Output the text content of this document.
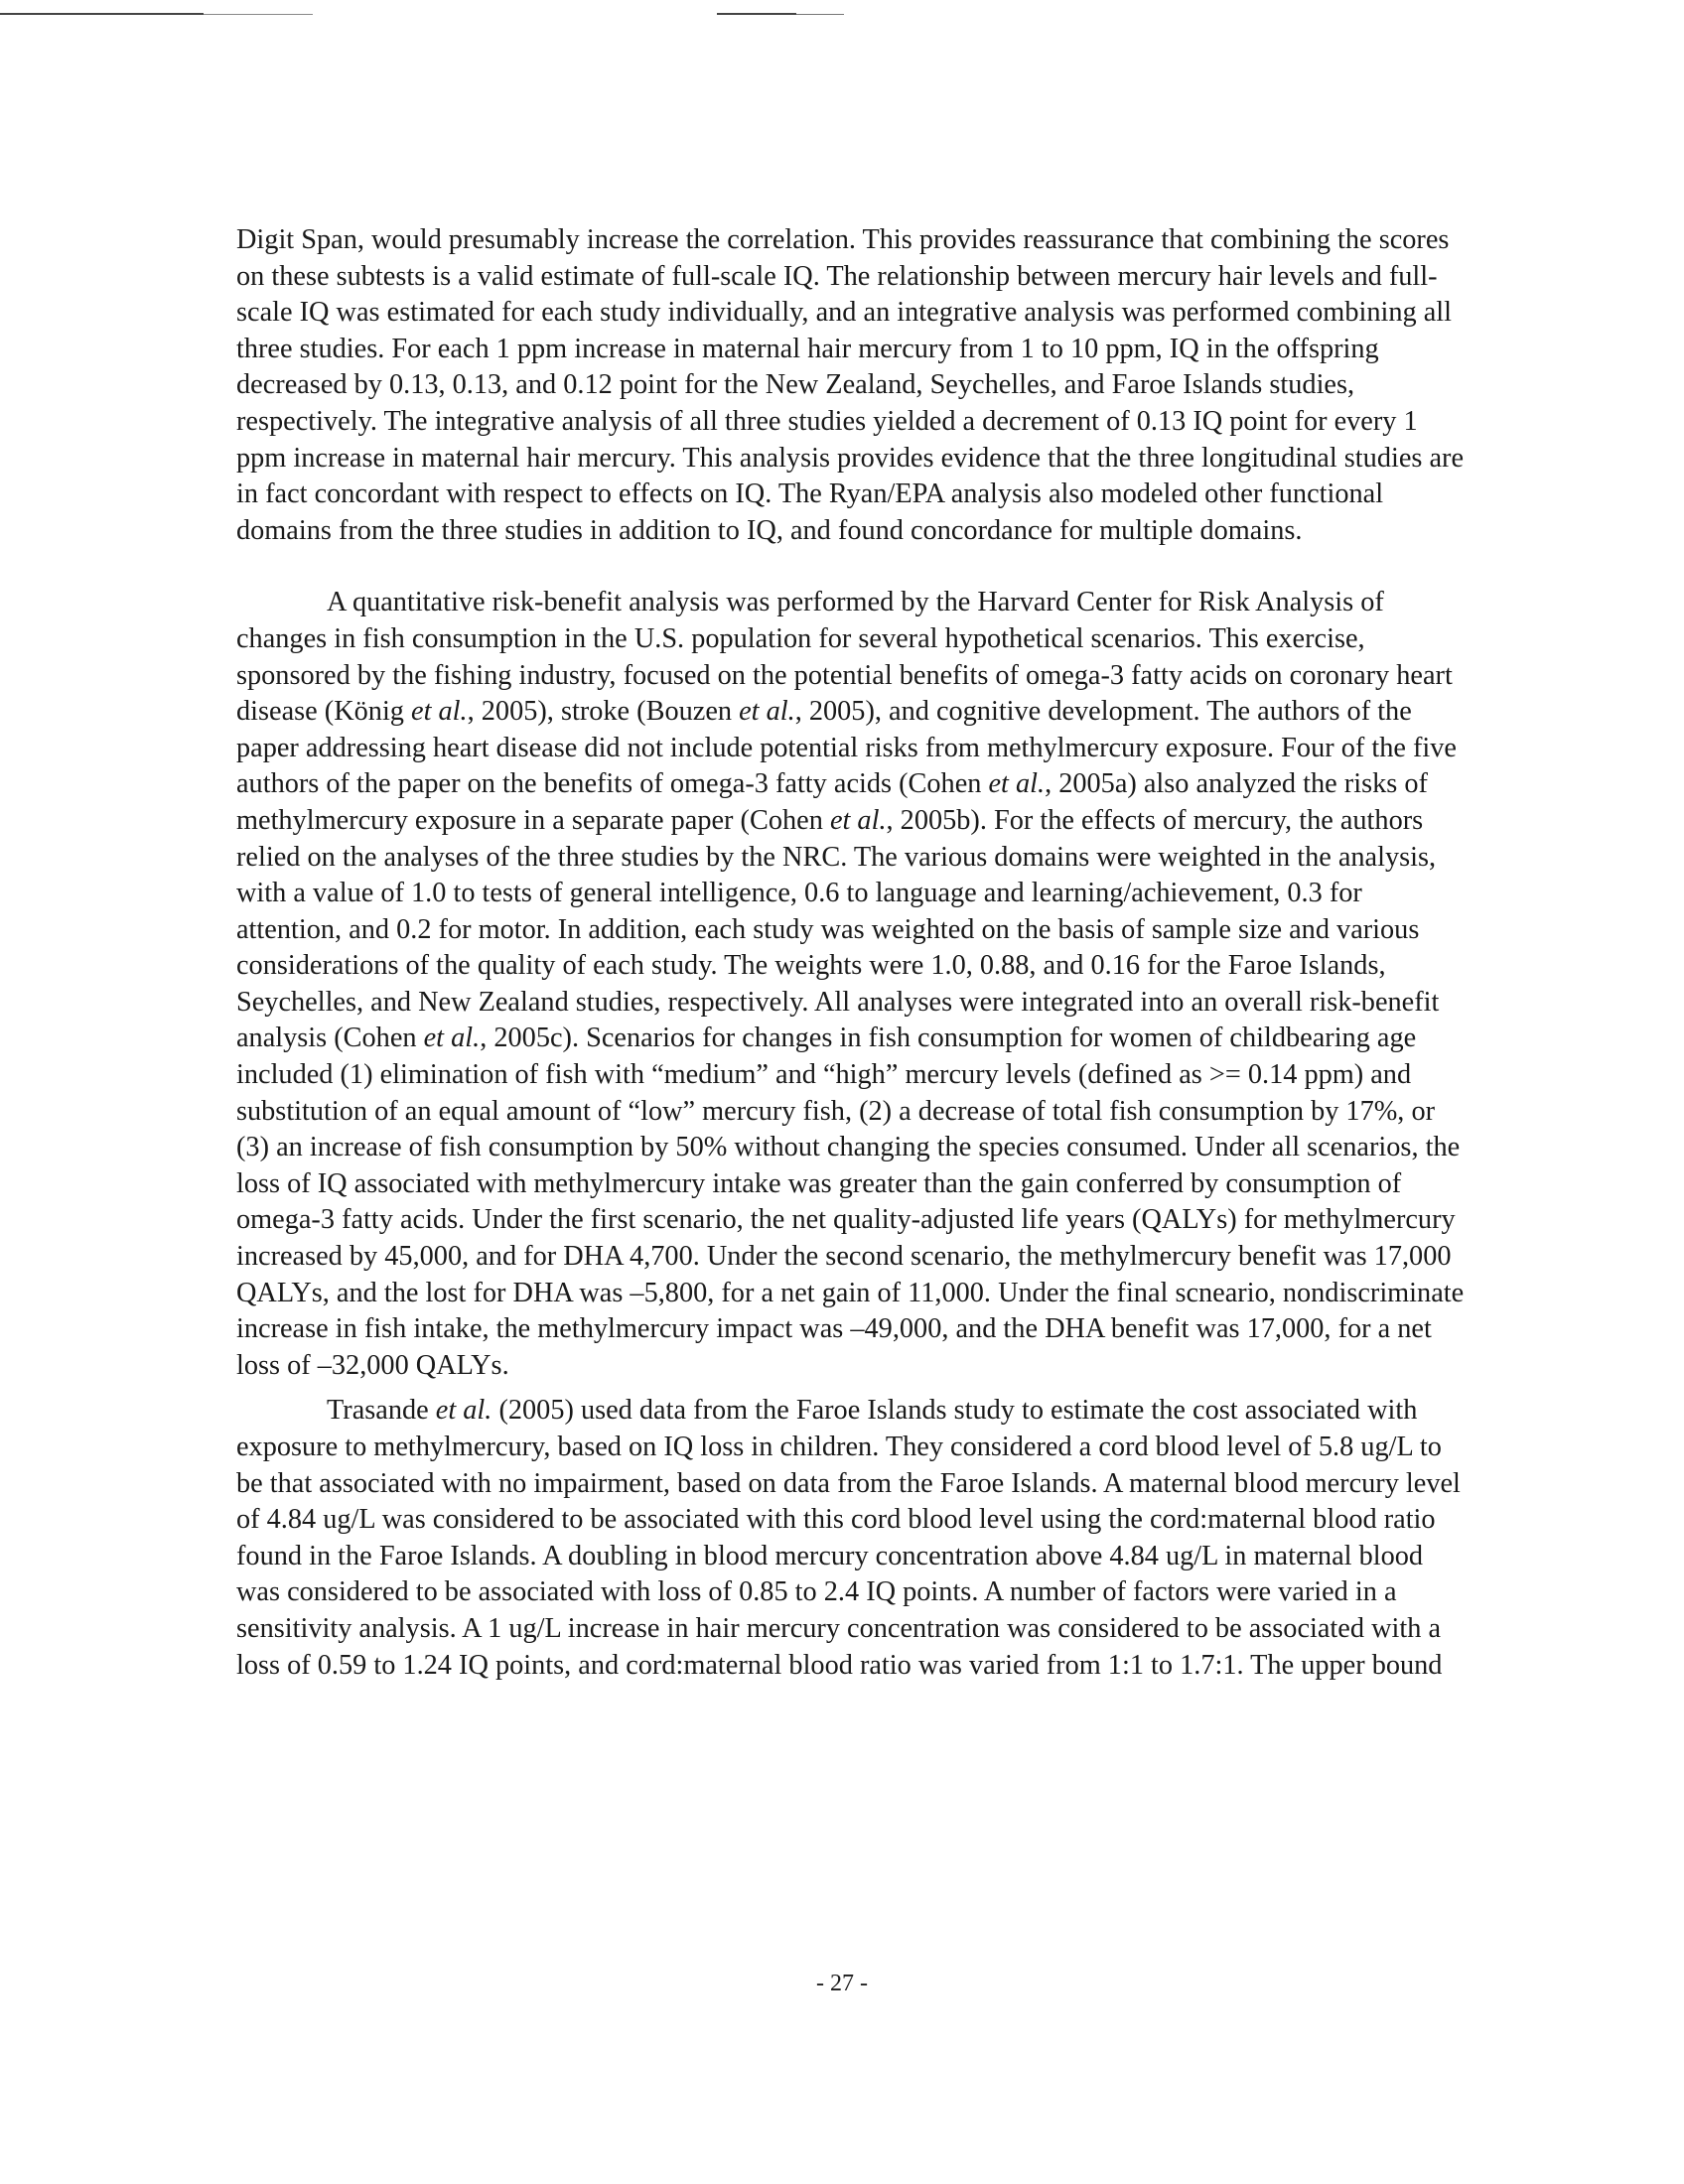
Digit Span, would presumably increase the correlation. This provides reassurance that combining the scores on these subtests is a valid estimate of full-scale IQ. The relationship between mercury hair levels and full-scale IQ was estimated for each study individually, and an integrative analysis was performed combining all three studies. For each 1 ppm increase in maternal hair mercury from 1 to 10 ppm, IQ in the offspring decreased by 0.13, 0.13, and 0.12 point for the New Zealand, Seychelles, and Faroe Islands studies, respectively. The integrative analysis of all three studies yielded a decrement of 0.13 IQ point for every 1 ppm increase in maternal hair mercury. This analysis provides evidence that the three longitudinal studies are in fact concordant with respect to effects on IQ. The Ryan/EPA analysis also modeled other functional domains from the three studies in addition to IQ, and found concordance for multiple domains.

A quantitative risk-benefit analysis was performed by the Harvard Center for Risk Analysis of changes in fish consumption in the U.S. population for several hypothetical scenarios. This exercise, sponsored by the fishing industry, focused on the potential benefits of omega-3 fatty acids on coronary heart disease (König et al., 2005), stroke (Bouzen et al., 2005), and cognitive development. The authors of the paper addressing heart disease did not include potential risks from methylmercury exposure. Four of the five authors of the paper on the benefits of omega-3 fatty acids (Cohen et al., 2005a) also analyzed the risks of methylmercury exposure in a separate paper (Cohen et al., 2005b). For the effects of mercury, the authors relied on the analyses of the three studies by the NRC. The various domains were weighted in the analysis, with a value of 1.0 to tests of general intelligence, 0.6 to language and learning/achievement, 0.3 for attention, and 0.2 for motor. In addition, each study was weighted on the basis of sample size and various considerations of the quality of each study. The weights were 1.0, 0.88, and 0.16 for the Faroe Islands, Seychelles, and New Zealand studies, respectively. All analyses were integrated into an overall risk-benefit analysis (Cohen et al., 2005c). Scenarios for changes in fish consumption for women of childbearing age included (1) elimination of fish with “medium” and “high” mercury levels (defined as >= 0.14 ppm) and substitution of an equal amount of “low” mercury fish, (2) a decrease of total fish consumption by 17%, or (3) an increase of fish consumption by 50% without changing the species consumed. Under all scenarios, the loss of IQ associated with methylmercury intake was greater than the gain conferred by consumption of omega-3 fatty acids. Under the first scenario, the net quality-adjusted life years (QALYs) for methylmercury increased by 45,000, and for DHA 4,700. Under the second scenario, the methylmercury benefit was 17,000 QALYs, and the lost for DHA was –5,800, for a net gain of 11,000. Under the final scneario, nondiscriminate increase in fish intake, the methylmercury impact was –49,000, and the DHA benefit was 17,000, for a net loss of –32,000 QALYs.

Trasande et al. (2005) used data from the Faroe Islands study to estimate the cost associated with exposure to methylmercury, based on IQ loss in children. They considered a cord blood level of 5.8 ug/L to be that associated with no impairment, based on data from the Faroe Islands. A maternal blood mercury level of 4.84 ug/L was considered to be associated with this cord blood level using the cord:maternal blood ratio found in the Faroe Islands. A doubling in blood mercury concentration above 4.84 ug/L in maternal blood was considered to be associated with loss of 0.85 to 2.4 IQ points. A number of factors were varied in a sensitivity analysis. A 1 ug/L increase in hair mercury concentration was considered to be associated with a loss of 0.59 to 1.24 IQ points, and cord:maternal blood ratio was varied from 1:1 to 1.7:1. The upper bound

- 27 -
